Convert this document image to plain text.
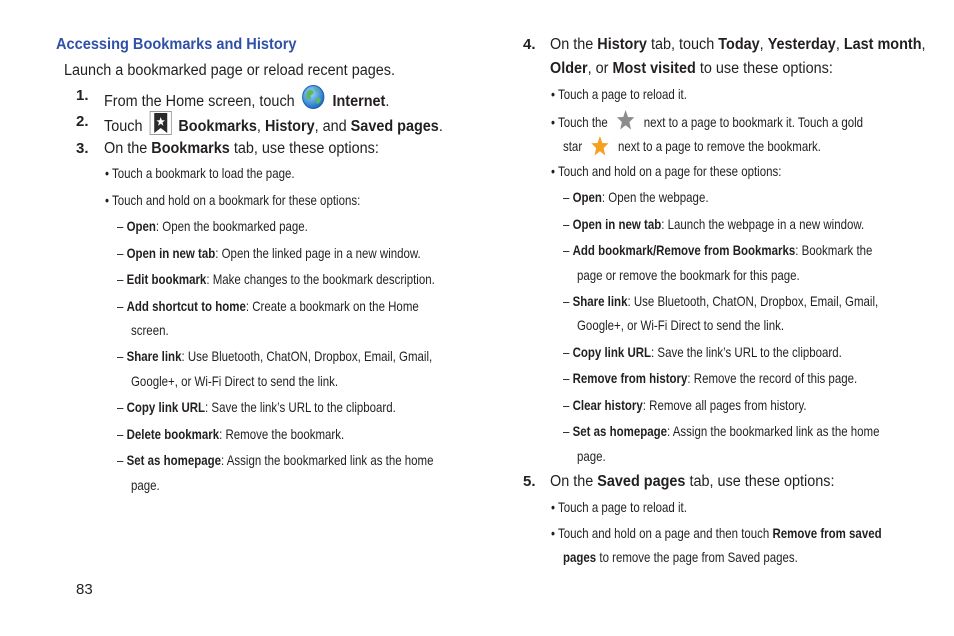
Accessing Bookmarks and History
Launch a bookmarked page or reload recent pages.
1. From the Home screen, touch Internet.
2. Touch Bookmarks, History, and Saved pages.
3. On the Bookmarks tab, use these options:
• Touch a bookmark to load the page.
• Touch and hold on a bookmark for these options:
– Open: Open the bookmarked page.
– Open in new tab: Open the linked page in a new window.
– Edit bookmark: Make changes to the bookmark description.
– Add shortcut to home: Create a bookmark on the Home
screen.
– Share link: Use Bluetooth, ChatON, Dropbox, Email, Gmail,
Google+, or Wi-Fi Direct to send the link.
– Copy link URL: Save the link’s URL to the clipboard.
– Delete bookmark: Remove the bookmark.
– Set as homepage: Assign the bookmarked link as the home
page.
4. On the History tab, touch Today, Yesterday, Last month,
Older, or Most visited to use these options:
• Touch a page to reload it.
• Touch the	next to a page to bookmark it. Touch a gold
star	next to a page to remove the bookmark.
• Touch and hold on a page for these options:
– Open: Open the webpage.
– Open in new tab: Launch the webpage in a new window.
– Add bookmark/Remove from Bookmarks: Bookmark the
page or remove the bookmark for this page.
– Share link: Use Bluetooth, ChatON, Dropbox, Email, Gmail,
Google+, or Wi-Fi Direct to send the link.
– Copy link URL: Save the link’s URL to the clipboard.
– Remove from history: Remove the record of this page.
– Clear history: Remove all pages from history.
– Set as homepage: Assign the bookmarked link as the home
page.
5. On the Saved pages tab, use these options:
• Touch a page to reload it.
• Touch and hold on a page and then touch Remove from saved
pages to remove the page from Saved pages.
83
